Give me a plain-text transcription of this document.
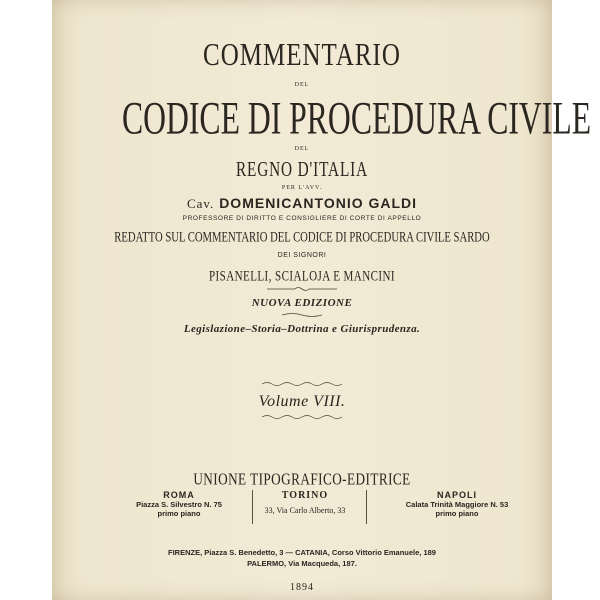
COMMENTARIO
DEL
CODICE DI PROCEDURA CIVILE
DEL
REGNO D'ITALIA
PER L'AVV.
Cav. DOMENICANTONIO GALDI
PROFESSORE DI DIRITTO E CONSIGLIERE DI CORTE DI APPELLO
REDATTO SUL COMMENTARIO DEL CODICE DI PROCEDURA CIVILE SARDO
DEI SIGNORI
PISANELLI, SCIALOJA E MANCINI
NUOVA EDIZIONE
Legislazione–Storia–Dottrina e Giurisprudenza.
Volume VIII.
UNIONE TIPOGRAFICO-EDITRICE
ROMA
Piazza S. Silvestro N. 75
primo piano
TORINO
33, Via Carlo Alberto, 33
NAPOLI
Calata Trinità Maggiore N. 53
primo piano
FIRENZE, Piazza S. Benedetto, 3 — CATANIA, Corso Vittorio Emanuele, 189
PALERMO, Via Macqueda, 187.
1894
